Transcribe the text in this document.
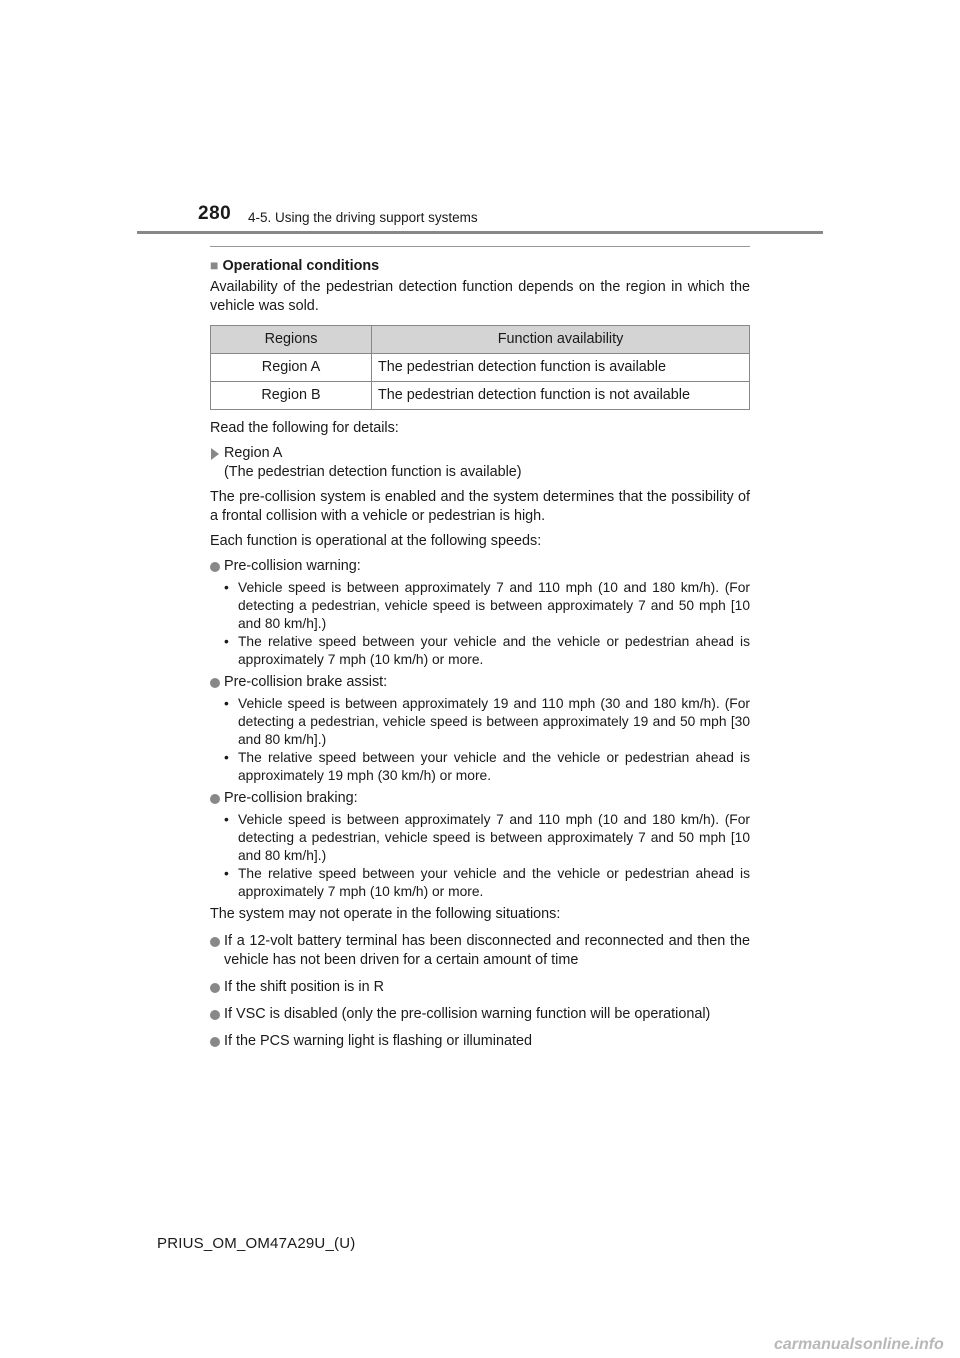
280 4-5. Using the driving support systems
■ Operational conditions

Availability of the pedestrian detection function depends on the region in which the vehicle was sold.

Regions	Function availability
Region A	The pedestrian detection function is available
Region B	The pedestrian detection function is not available

Read the following for details:

Region A
(The pedestrian detection function is available)

The pre-collision system is enabled and the system determines that the possibility of a frontal collision with a vehicle or pedestrian is high.

Each function is operational at the following speeds:

Pre-collision warning:
• Vehicle speed is between approximately 7 and 110 mph (10 and 180 km/h). (For detecting a pedestrian, vehicle speed is between approximately 7 and 50 mph [10 and 80 km/h].)
• The relative speed between your vehicle and the vehicle or pedestrian ahead is approximately 7 mph (10 km/h) or more.
Pre-collision brake assist:
• Vehicle speed is between approximately 19 and 110 mph (30 and 180 km/h). (For detecting a pedestrian, vehicle speed is between approximately 19 and 50 mph [30 and 80 km/h].)
• The relative speed between your vehicle and the vehicle or pedestrian ahead is approximately 19 mph (30 km/h) or more.
Pre-collision braking:
• Vehicle speed is between approximately 7 and 110 mph (10 and 180 km/h). (For detecting a pedestrian, vehicle speed is between approximately 7 and 50 mph [10 and 80 km/h].)
• The relative speed between your vehicle and the vehicle or pedestrian ahead is approximately 7 mph (10 km/h) or more.

The system may not operate in the following situations:

If a 12-volt battery terminal has been disconnected and reconnected and then the vehicle has not been driven for a certain amount of time
If the shift position is in R
If VSC is disabled (only the pre-collision warning function will be operational)
If the PCS warning light is flashing or illuminated
PRIUS_OM_OM47A29U_(U)
carmanualsonline.info
